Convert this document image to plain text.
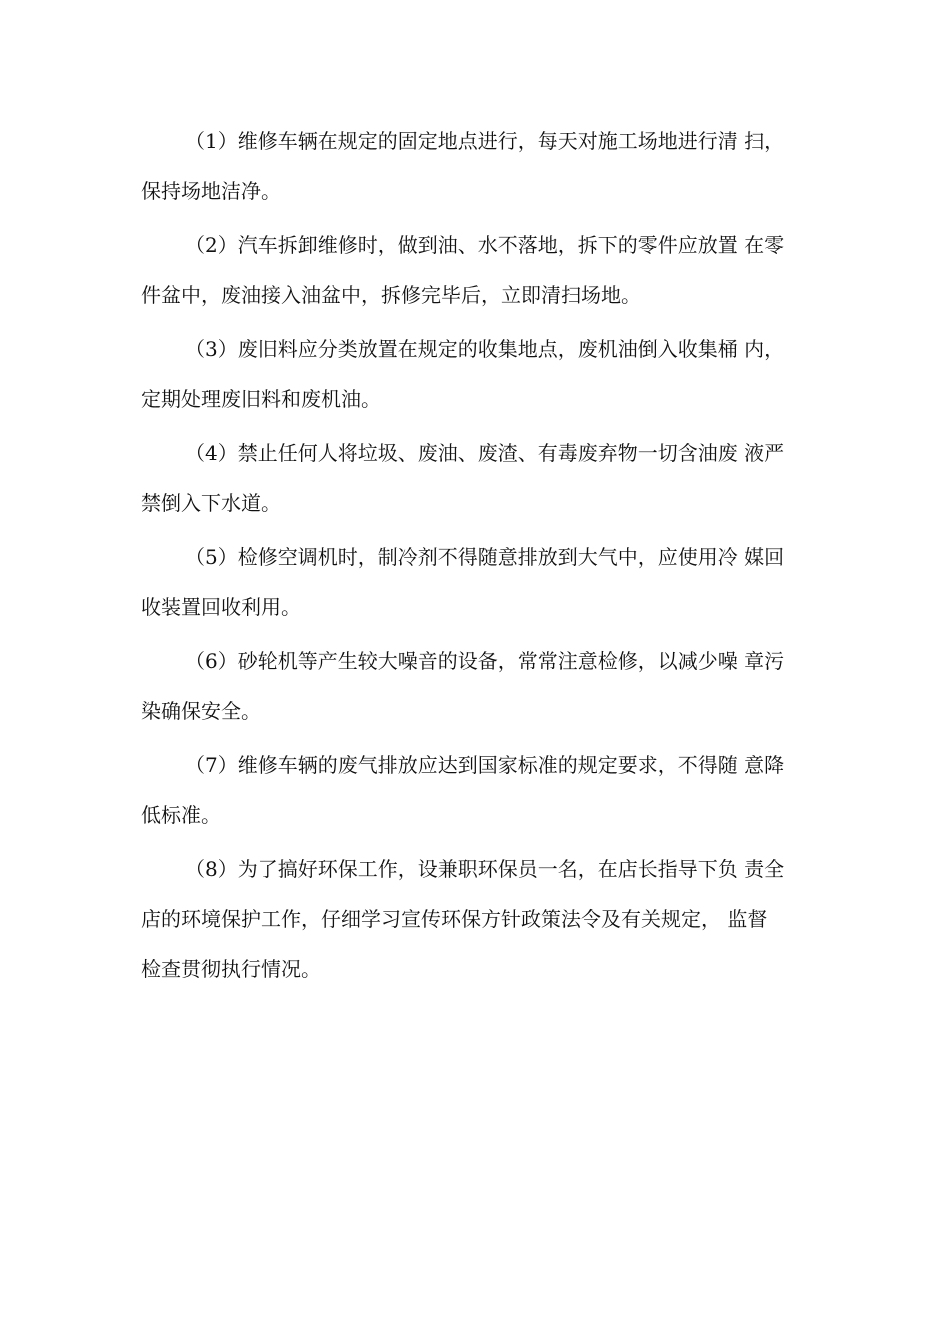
（1）维修车辆在规定的固定地点进行，每天对施工场地进行清 扫，
保持场地洁净。

（2）汽车拆卸维修时，做到油、水不落地，拆下的零件应放置 在零
件盆中，废油接入油盆中，拆修完毕后，立即清扫场地。

（3）废旧料应分类放置在规定的收集地点，废机油倒入收集桶 内，
定期处理废旧料和废机油。

（4）禁止任何人将垃圾、废油、废渣、有毒废弃物一切含油废 液严
禁倒入下水道。

（5）检修空调机时，制冷剂不得随意排放到大气中，应使用冷 媒回
收装置回收利用。

（6）砂轮机等产生较大噪音的设备，常常注意检修，以减少噪 章污
染确保安全。

（7）维修车辆的废气排放应达到国家标准的规定要求，不得随 意降
低标准。

（8）为了搞好环保工作，设兼职环保员一名，在店长指导下负 责全
店的环境保护工作，仔细学习宣传环保方针政策法令及有关规定， 监督
检查贯彻执行情况。
